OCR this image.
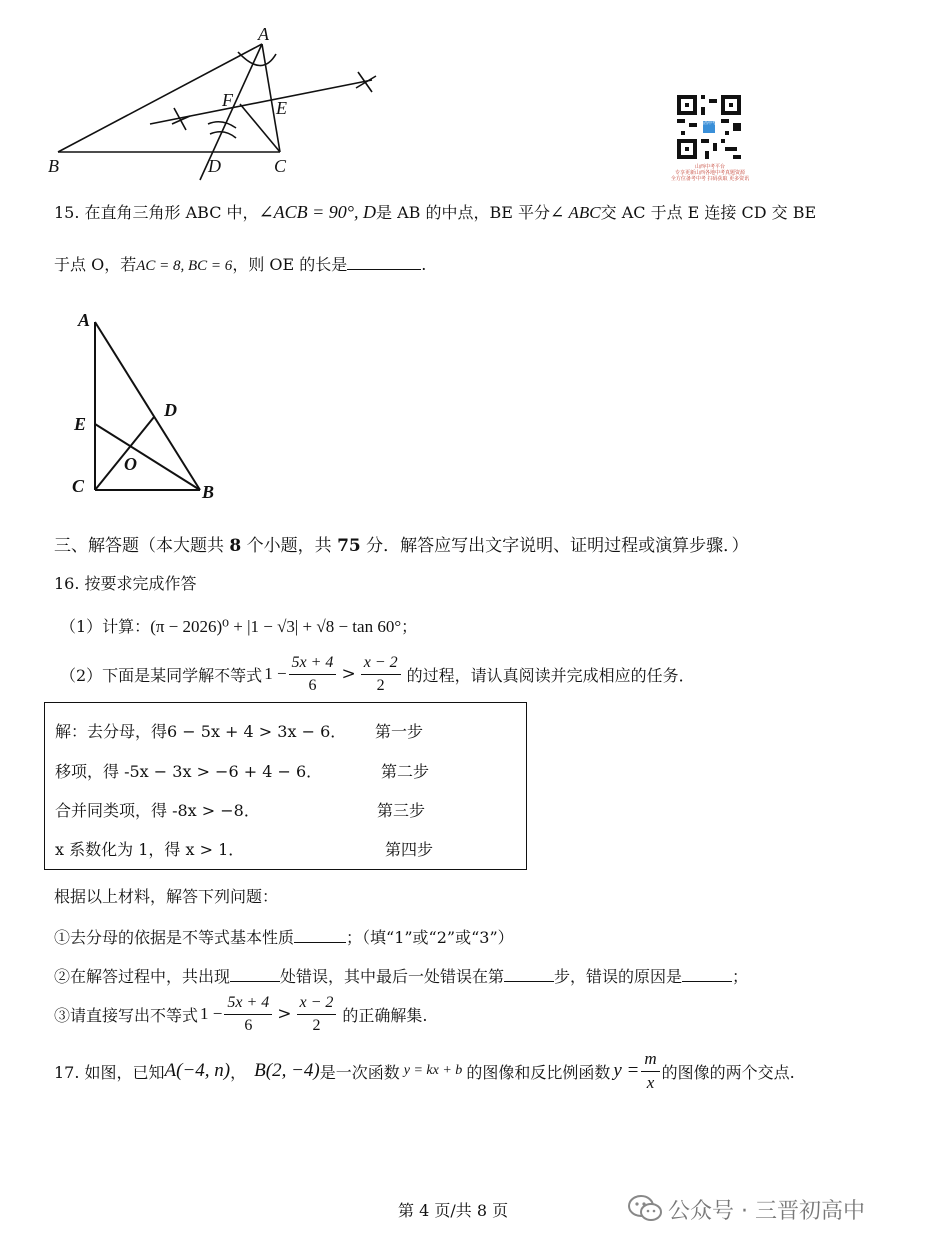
A
F E
B	D	C
山西中考
山西中考平台
专享更新山西各地中考真题资源
全方位备考中考 扫码获取 更多资讯
15. 在直角三角形 ABC 中，∠ACB = 90°, D是 AB 的中点，BE 平分∠ ABC交 AC 于点 E 连接 CD 交 BE
于点 O，若AC = 8, BC = 6，则 OE 的长是	.
A
E
D
O
C	B
三、解答题（本大题共 8 个小题，共 75 分．解答应写出文字说明、证明过程或演算步骤．）
16. 按要求完成作答
（1）计算：(π − 2026)⁰ + |1 − √3| + √8 − tan 60°；
（2）下面是某同学解不等式 $1 - \frac{5x + 4}{6} > \frac{x - 2}{2}$ 的过程，请认真阅读并完成相应的任务．
解：去分母，得6 − 5x + 4 > 3x − 6． 第一步
移项，得 -5x − 3x > −6 + 4 − 6．	第二步
合并同类项，得 -8x > −8．	第三步
x 系数化为 1，得 x > 1．	第四步
根据以上材料，解答下列问题：
①去分母的依据是不等式基本性质	；（填“1”或“2”或“3”）
②在解答过程中，共出现	处错误，其中最后一处错误在第	步，错误的原因是	；
③请直接写出不等式 $1 - \frac{5x + 4}{6} > \frac{x - 2}{2}$ 的正确解集.
17. 如图，已知 A(−4, n) ， B(2, −4) 是一次函数 y = kx + b 的图像和反比例函数 $y = \frac{m}{x}$ 的图像的两个交点.
第 4 页/共 8 页	公众号 · 三晋初高中
